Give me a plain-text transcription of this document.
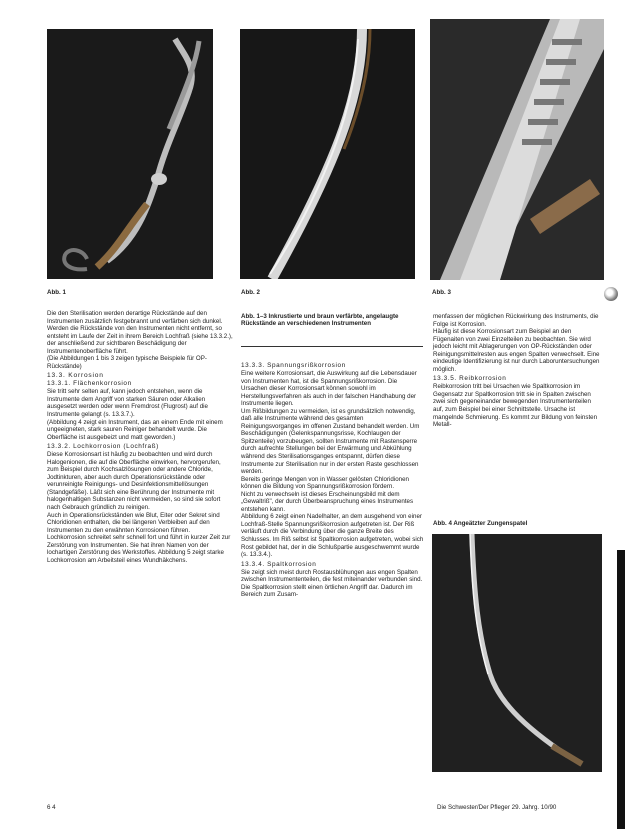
Abb. 1	Abb. 2	Abb. 3
Abb. 4 Angeätzter Zungenspatel

Die den Sterilisation werden derartige Rückstände auf den Instrumenten zusätzlich festgebrannt und verfärben sich dunkel.

Werden die Rückstände von den Instrumenten nicht entfernt, so entsteht im Laufe der Zeit in ihrem Bereich Lochfraß (siehe 13.3.2.), der anschließend zur sichtbaren Beschädigung der Instrumentenoberfläche führt.

(Die Abbildungen 1 bis 3 zeigen typische Beispiele für OP-Rückstände)

13.3. Korrosion
13.3.1. Flächenkorrosion

Sie tritt sehr selten auf, kann jedoch entstehen, wenn die Instrumente dem Angriff von starken Säuren oder Alkalien ausgesetzt werden oder wenn Fremdrost (Flugrost) auf die Instrumente gelangt (s. 13.3.7.).

(Abbildung 4 zeigt ein Instrument, das an einem Ende mit einem ungeeigneten, stark sauren Reiniger behandelt wurde. Die Oberfläche ist ausgebeizt und matt geworden.)

13.3.2. Lochkorrosion (Lochfraß)

Diese Korrosionsart ist häufig zu beobachten und wird durch Halogenionen, die auf die Oberfläche einwirken, hervorgerufen, zum Beispiel durch Kochsalzlösungen oder andere Chloride, Jodtinkturen, aber auch durch Operationsrückstände oder verunreinigte Reinigungs- und Desinfektionsmittellösungen (Standgefäße). Läßt sich eine Berührung der Instrumente mit halogenhaltigen Substanzen nicht vermeiden, so sind sie sofort nach Gebrauch gründlich zu reinigen.

Auch in Operationsrückständen wie Blut, Eiter oder Sekret sind Chloridionen enthalten, die bei längeren Verbleiben auf den Instrumenten zu den erwähnten Korrosionen führen.

Lochkorrosion schreitet sehr schnell fort und führt in kurzer Zeit zur Zerstörung von Instrumenten. Sie hat ihren Namen von der lochartigen Zerstörung des Werkstoffes. Abbildung 5 zeigt starke Lochkorrosion am Arbeitsteil eines Wundhäkchens.

Abb. 1–3 Inkrustierte und braun verfärbte, angelaugte Rückstände an verschiedenen Instrumenten
13.3.3. Spannungsrißkorrosion

Eine weitere Korrosionsart, die Auswirkung auf die Lebensdauer von Instrumenten hat, ist die Spannungsrißkorrosion. Die Ursachen dieser Korrosionsart können sowohl im Herstellungsverfahren als auch in der falschen Handhabung der Instrumente liegen.

Um Rißbildungen zu vermeiden, ist es grundsätzlich notwendig, daß alle Instrumente während des gesamten Reinigungsvorganges im offenen Zustand behandelt werden. Um Beschädigungen (Gelenkspannungsrisse, Kochlaugen der Spitzenteile) vorzubeugen, sollten Instrumente mit Rastensperre durch aufrechte Stellungen bei der Erwärmung und Abkühlung während des Sterilisationsganges entspannt, dürfen diese Instrumente zur Sterilisation nur in der ersten Raste geschlossen werden.

Bereits geringe Mengen von in Wasser gelösten Chloridionen können die Bildung von Spannungsrißkorrosion fördern.

Nicht zu verwechseln ist dieses Erscheinungsbild mit dem „Gewaltriß", der durch Überbeanspruchung eines Instrumentes entstehen kann.

Abbildung 6 zeigt einen Nadelhalter, an dem ausgehend von einer Lochfraß-Stelle Spannungsrißkorrosion aufgetreten ist. Der Riß verläuft durch die Verbindung über die ganze Breite des Schlusses. Im Riß selbst ist Spaltkorrosion aufgetreten, wobei sich Rost gebildet hat, der in die Schlußpartie ausgeschwemmt wurde (s. 13.3.4.).

13.3.4. Spaltkorrosion

Sie zeigt sich meist durch Rostausblühungen aus engen Spalten zwischen Instrumententeilen, die fest miteinander verbunden sind.

Die Spaltkorrosion stellt einen örtlichen Angriff dar. Dadurch im Bereich zum Zusam-

menfassen der möglichen Rückwirkung des Instruments, die Folge ist Korrosion.

Häufig ist diese Korrosionsart zum Beispiel an den Fügenaiten von zwei Einzelteilen zu beobachten. Sie wird jedoch leicht mit Ablagerungen von OP-Rückständen oder Reinigungsmittelresten aus engen Spalten verwechselt. Eine eindeutige Identifizierung ist nur durch Laboruntersuchungen möglich.

13.3.5. Reibkorrosion

Reibkorrosion tritt bei Ursachen wie Spaltkorrosion im Gegensatz zur Spaltkorrosion tritt sie in Spalten zwischen zwei sich gegeneinander bewegenden Instrumententeilen auf, zum Beispiel bei einer Schnittstelle. Ursache ist mangelnde Schmierung. Es kommt zur Bildung von feinsten Metall-

6 4	Die Schwester/Der Pfleger 29. Jahrg. 10/90
